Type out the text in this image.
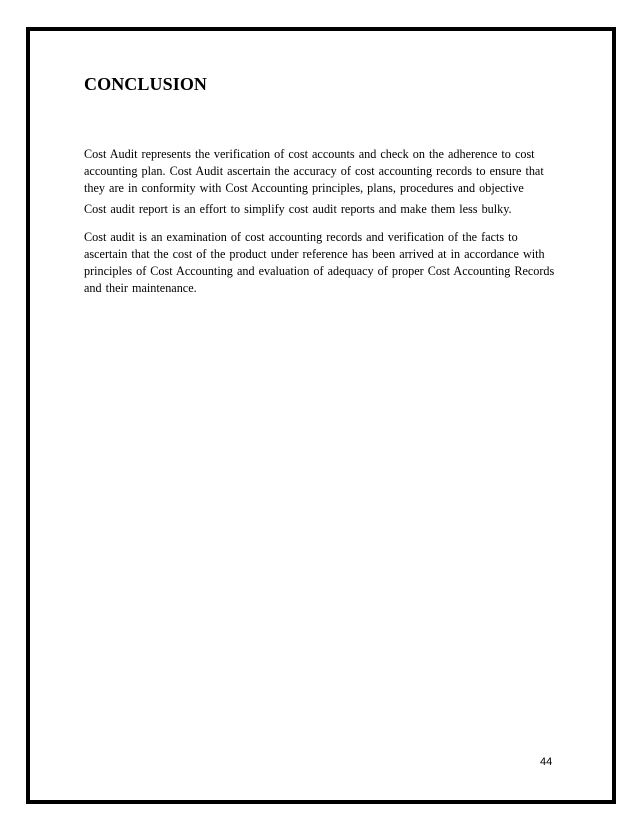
CONCLUSION

Cost Audit represents the verification of cost accounts and check on the adherence to cost
accounting plan. Cost Audit ascertain the accuracy of cost accounting records to ensure that
they are in conformity with Cost Accounting principles, plans, procedures and objective

Cost audit report is an effort to simplify cost audit reports and make them less bulky.

Cost audit is an examination of cost accounting records and verification of the facts to
ascertain that the cost of the product under reference has been arrived at in accordance with
principles of Cost Accounting and evaluation of adequacy of proper Cost Accounting Records
and their maintenance.

44
